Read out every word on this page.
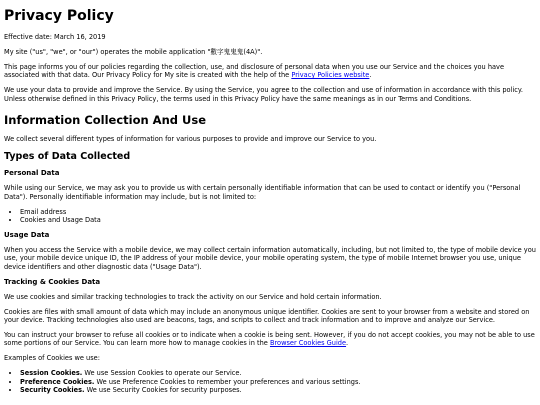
Privacy Policy

Effective date: March 16, 2019

My site ("us", "we", or "our") operates the mobile application "數字鬼鬼鬼(4A)".

This page informs you of our policies regarding the collection, use, and disclosure of personal data when you use our Service and the choices you have associated with that data. Our Privacy Policy for My site is created with the help of the Privacy Policies website.

We use your data to provide and improve the Service. By using the Service, you agree to the collection and use of information in accordance with this policy. Unless otherwise defined in this Privacy Policy, the terms used in this Privacy Policy have the same meanings as in our Terms and Conditions.

Information Collection And Use

We collect several different types of information for various purposes to provide and improve our Service to you.

Types of Data Collected
Personal Data

While using our Service, we may ask you to provide us with certain personally identifiable information that can be used to contact or identify you ("Personal Data"). Personally identifiable information may include, but is not limited to:

• Email address
• Cookies and Usage Data
Usage Data

When you access the Service with a mobile device, we may collect certain information automatically, including, but not limited to, the type of mobile device you use, your mobile device unique ID, the IP address of your mobile device, your mobile operating system, the type of mobile Internet browser you use, unique device identifiers and other diagnostic data ("Usage Data").

Tracking & Cookies Data

We use cookies and similar tracking technologies to track the activity on our Service and hold certain information.

Cookies are files with small amount of data which may include an anonymous unique identifier. Cookies are sent to your browser from a website and stored on your device. Tracking technologies also used are beacons, tags, and scripts to collect and track information and to improve and analyze our Service.

You can instruct your browser to refuse all cookies or to indicate when a cookie is being sent. However, if you do not accept cookies, you may not be able to use some portions of our Service. You can learn more how to manage cookies in the Browser Cookies Guide.

Examples of Cookies we use:

• Session Cookies. We use Session Cookies to operate our Service.
• Preference Cookies. We use Preference Cookies to remember your preferences and various settings.
• Security Cookies. We use Security Cookies for security purposes.
